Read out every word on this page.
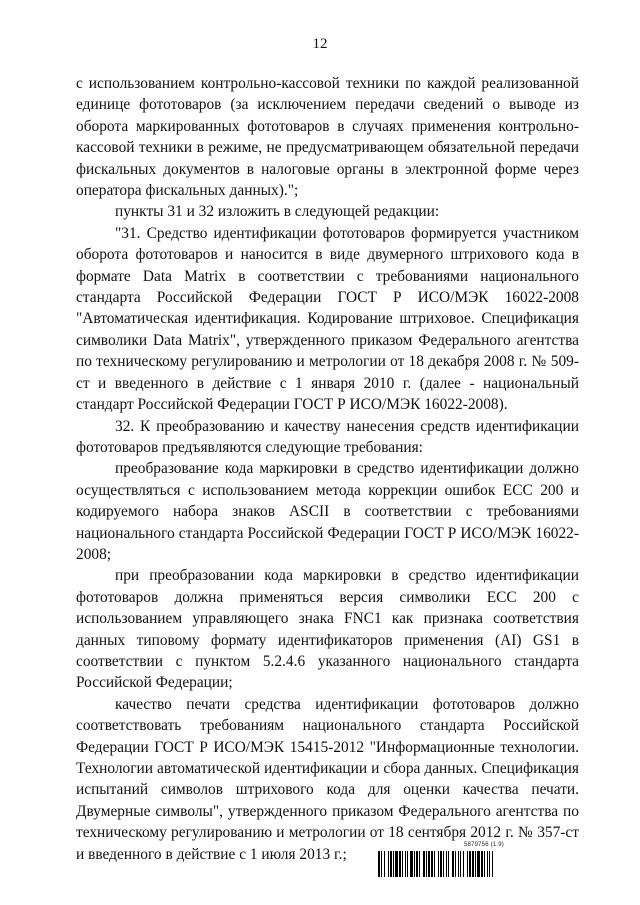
12

с использованием контрольно-кассовой техники по каждой реализованной единице фототоваров (за исключением передачи сведений о выводе из оборота маркированных фототоваров в случаях применения контрольно-кассовой техники в режиме, не предусматривающем обязательной передачи фискальных документов в налоговые органы в электронной форме через оператора фискальных данных).";

пункты 31 и 32 изложить в следующей редакции:

"31. Средство идентификации фототоваров формируется участником оборота фототоваров и наносится в виде двумерного штрихового кода в формате Data Matrix в соответствии с требованиями национального стандарта Российской Федерации ГОСТ Р ИСО/МЭК 16022-2008 "Автоматическая идентификация. Кодирование штриховое. Спецификация символики Data Matrix", утвержденного приказом Федерального агентства по техническому регулированию и метрологии от 18 декабря 2008 г. № 509-ст и введенного в действие с 1 января 2010 г. (далее - национальный стандарт Российской Федерации ГОСТ Р ИСО/МЭК 16022-2008).

32. К преобразованию и качеству нанесения средств идентификации фототоваров предъявляются следующие требования:

преобразование кода маркировки в средство идентификации должно осуществляться с использованием метода коррекции ошибок ЕСС 200 и кодируемого набора знаков ASCII в соответствии с требованиями национального стандарта Российской Федерации ГОСТ Р ИСО/МЭК 16022-2008;

при преобразовании кода маркировки в средство идентификации фототоваров должна применяться версия символики ЕСС 200 с использованием управляющего знака FNC1 как признака соответствия данных типовому формату идентификаторов применения (AI) GS1 в соответствии с пунктом 5.2.4.6 указанного национального стандарта Российской Федерации;

качество печати средства идентификации фототоваров должно соответствовать требованиям национального стандарта Российской Федерации ГОСТ Р ИСО/МЭК 15415-2012 "Информационные технологии. Технологии автоматической идентификации и сбора данных. Спецификация испытаний символов штрихового кода для оценки качества печати. Двумерные символы", утвержденного приказом Федерального агентства по техническому регулированию и метрологии от 18 сентября 2012 г. № 357-ст и введенного в действие с 1 июля 2013 г.;

5879756 (1.9)
